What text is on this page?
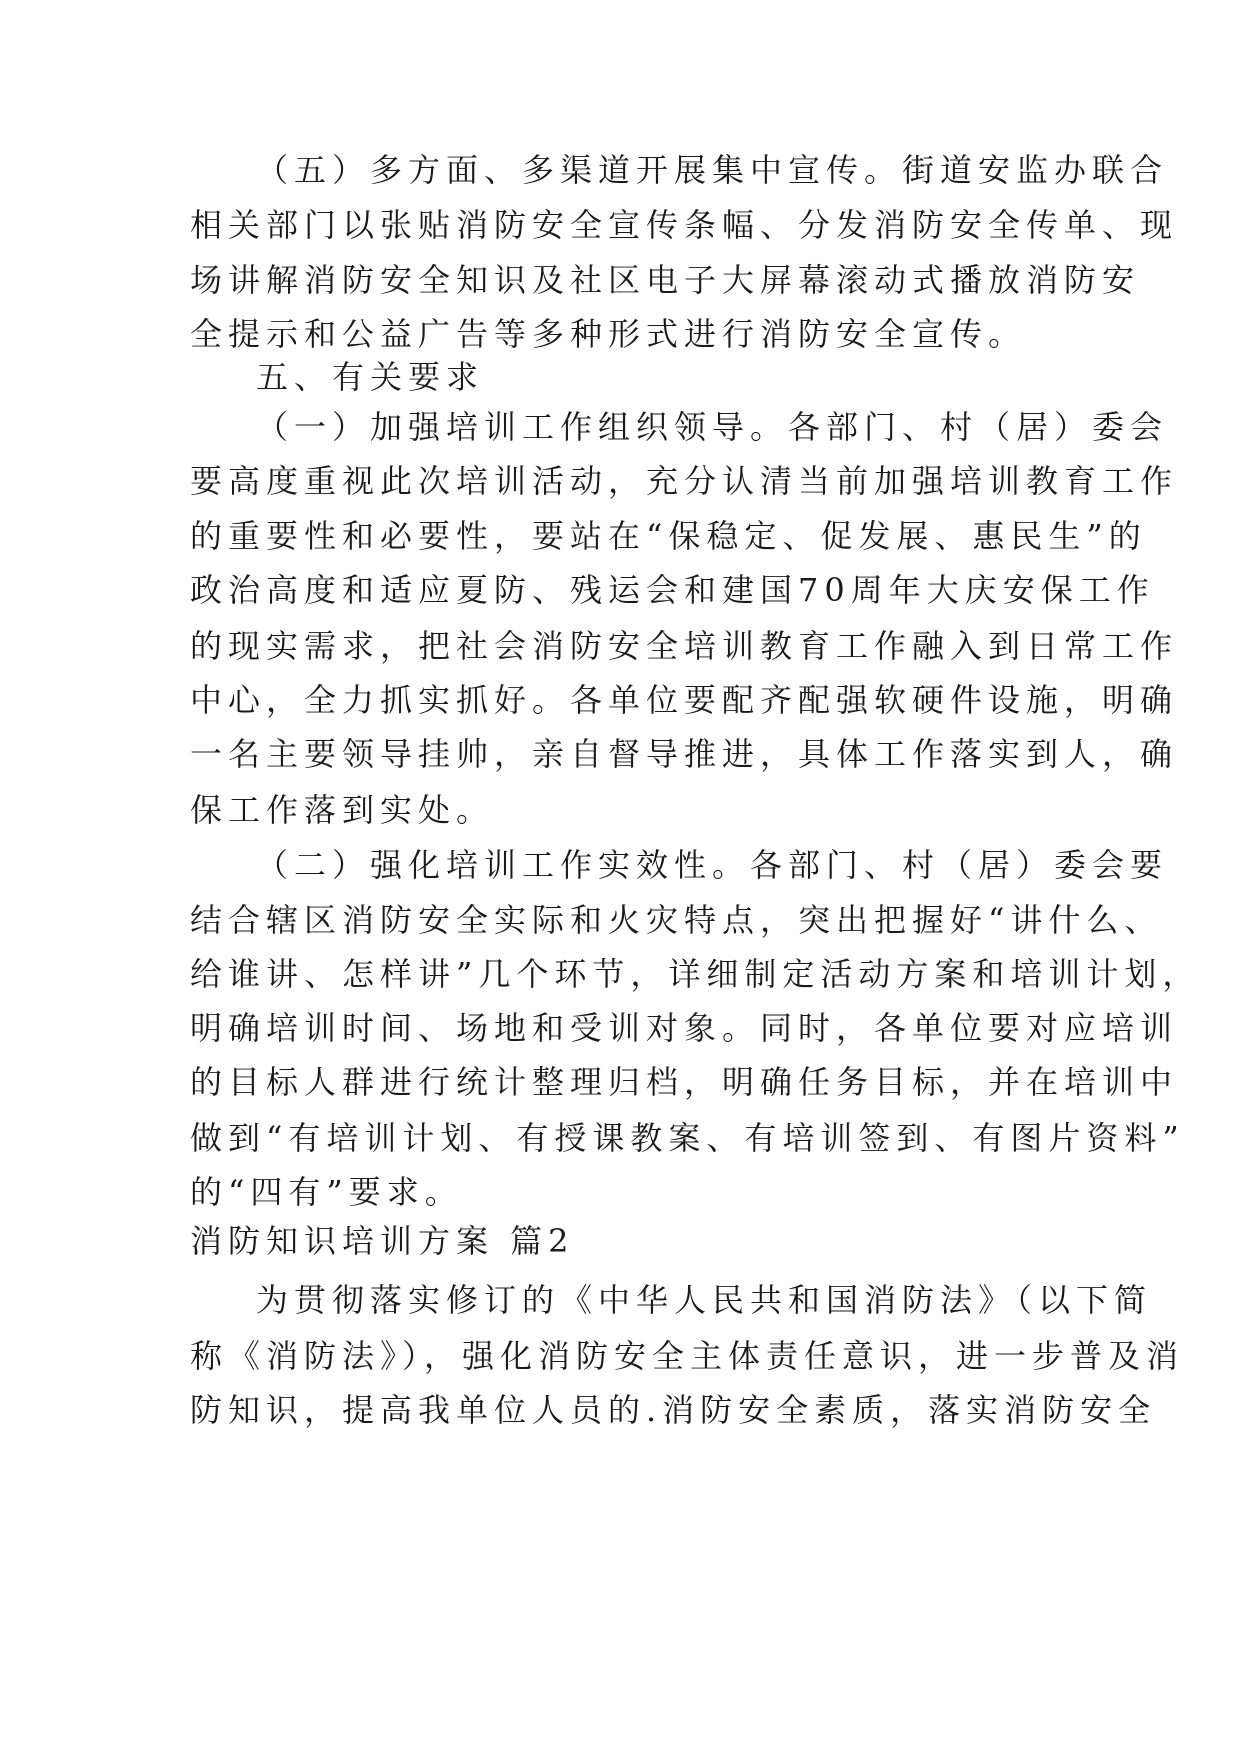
（五）多方面、多渠道开展集中宣传。街道安监办联合
相关部门以张贴消防安全宣传条幅、分发消防安全传单、现
场讲解消防安全知识及社区电子大屏幕滚动式播放消防安
全提示和公益广告等多种形式进行消防安全宣传。
五、有关要求
（一）加强培训工作组织领导。各部门、村（居）委会
要高度重视此次培训活动，充分认清当前加强培训教育工作
的重要性和必要性，要站在“保稳定、促发展、惠民生”的
政治高度和适应夏防、残运会和建国70周年大庆安保工作
的现实需求，把社会消防安全培训教育工作融入到日常工作
中心，全力抓实抓好。各单位要配齐配强软硬件设施，明确
一名主要领导挂帅，亲自督导推进，具体工作落实到人，确
保工作落到实处。
（二）强化培训工作实效性。各部门、村（居）委会要
结合辖区消防安全实际和火灾特点，突出把握好“讲什么、
给谁讲、怎样讲”几个环节，详细制定活动方案和培训计划，
明确培训时间、场地和受训对象。同时，各单位要对应培训
的目标人群进行统计整理归档，明确任务目标，并在培训中
做到“有培训计划、有授课教案、有培训签到、有图片资料”
的“四有”要求。
消防知识培训方案 篇2
为贯彻落实修订的《中华人民共和国消防法》（以下简
称《消防法》），强化消防安全主体责任意识，进一步普及消
防知识，提高我单位人员的.消防安全素质，落实消防安全
